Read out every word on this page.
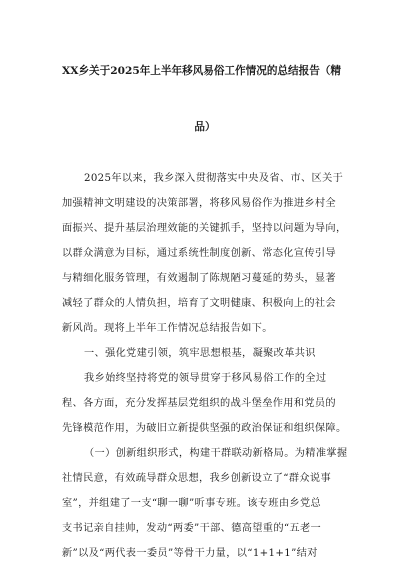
XX乡关于2025年上半年移风易俗工作情况的总结报告（精
品）
2025年以来，我乡深入贯彻落实中央及省、市、区关于
加强精神文明建设的决策部署，将移风易俗作为推进乡村全
面振兴、提升基层治理效能的关键抓手，坚持以问题为导向，
以群众满意为目标，通过系统性制度创新、常态化宣传引导
与精细化服务管理，有效遏制了陈规陋习蔓延的势头，显著
减轻了群众的人情负担，培育了文明健康、积极向上的社会
新风尚。现将上半年工作情况总结报告如下。
一、强化党建引领，筑牢思想根基，凝聚改革共识
我乡始终坚持将党的领导贯穿于移风易俗工作的全过
程、各方面，充分发挥基层党组织的战斗堡垒作用和党员的
先锋模范作用，为破旧立新提供坚强的政治保证和组织保障。
（一）创新组织形式，构建干群联动新格局。为精准掌握
社情民意，有效疏导群众思想，我乡创新设立了“群众说事
室”，并组建了一支“聊一聊”听事专班。该专班由乡党总
支书记亲自挂帅，发动“两委”干部、德高望重的“五老一
新”以及“两代表一委员”等骨干力量，以“1+1+1”结对
